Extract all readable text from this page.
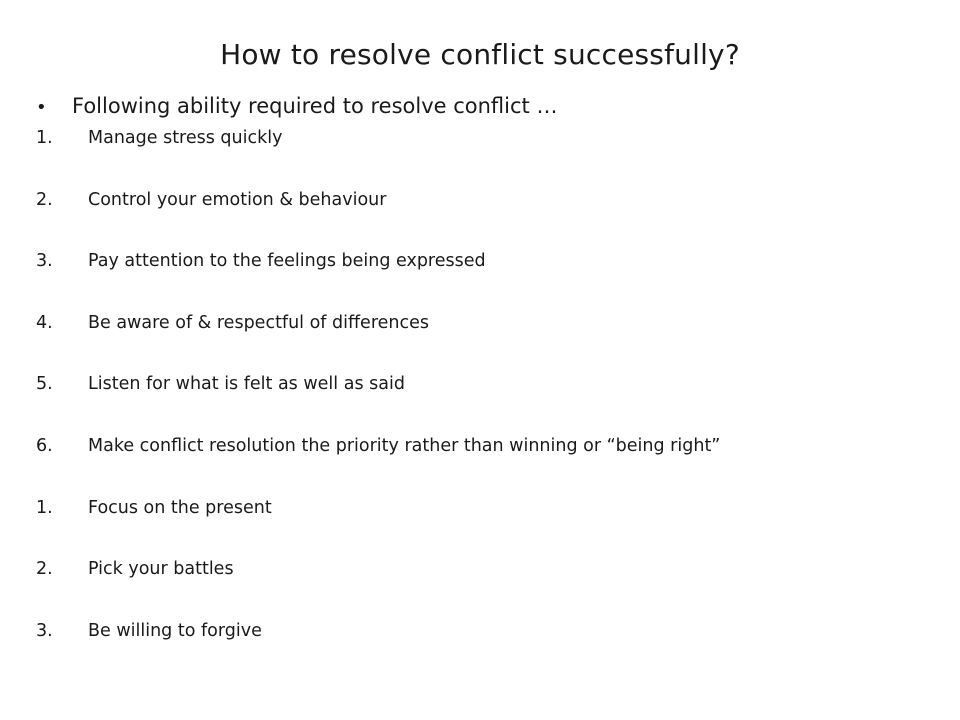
How to resolve conflict successfully?
•	Following ability required to resolve conflict …
1.	Manage stress quickly
2.	Control your emotion & behaviour
3.	Pay attention to the feelings being expressed
4.	Be aware of & respectful of differences
5.	Listen for what is felt as well as said
6.	Make conflict resolution the priority rather than winning or “being right”
1.	Focus on the present
2.	Pick your battles
3.	Be willing to forgive
